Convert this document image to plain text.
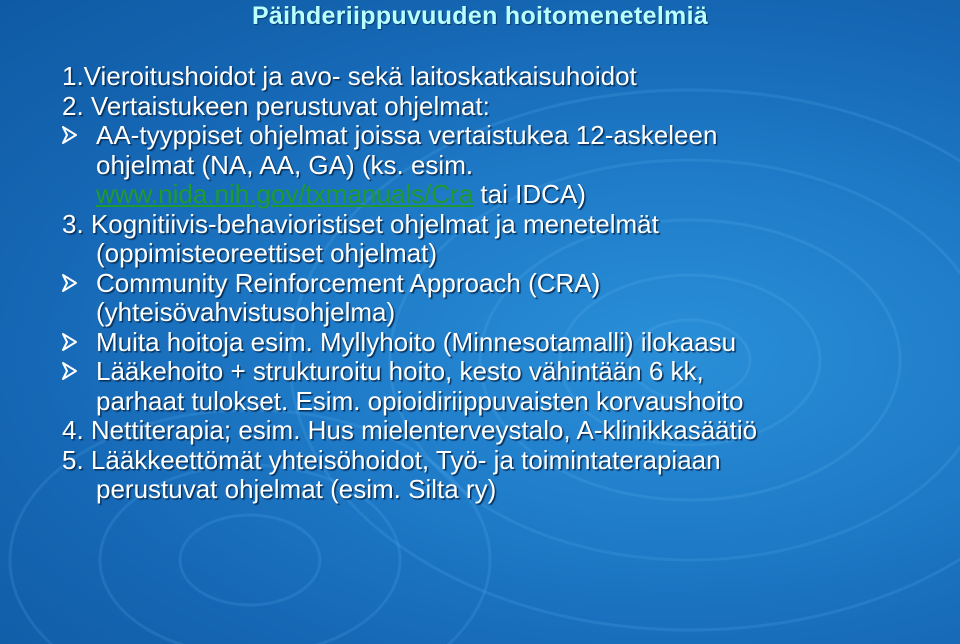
Päihderiippuvuuden hoitomenetelmiä
1.Vieroitushoidot ja avo- sekä laitoskatkaisuhoidot
2. Vertaistukeen perustuvat ohjelmat:
AA-tyyppiset ohjelmat joissa vertaistukea 12-askeleen
ohjelmat (NA, AA, GA) (ks. esim.
www.nida.nih.gov/txmanuals/Cra tai IDCA)
3. Kognitiivis-behavioristiset ohjelmat ja menetelmät
(oppimisteoreettiset ohjelmat)
Community Reinforcement Approach (CRA)
(yhteisövahvistusohjelma)
Muita hoitoja esim. Myllyhoito (Minnesotamalli) ilokaasu
Lääkehoito + strukturoitu hoito, kesto vähintään 6 kk,
parhaat tulokset. Esim. opioidiriippuvaisten korvaushoito
4. Nettiterapia; esim. Hus mielenterveystalo, A-klinikkasäätiö
5. Lääkkeettömät yhteisöhoidot, Työ- ja toimintaterapiaan
perustuvat ohjelmat (esim. Silta ry)
